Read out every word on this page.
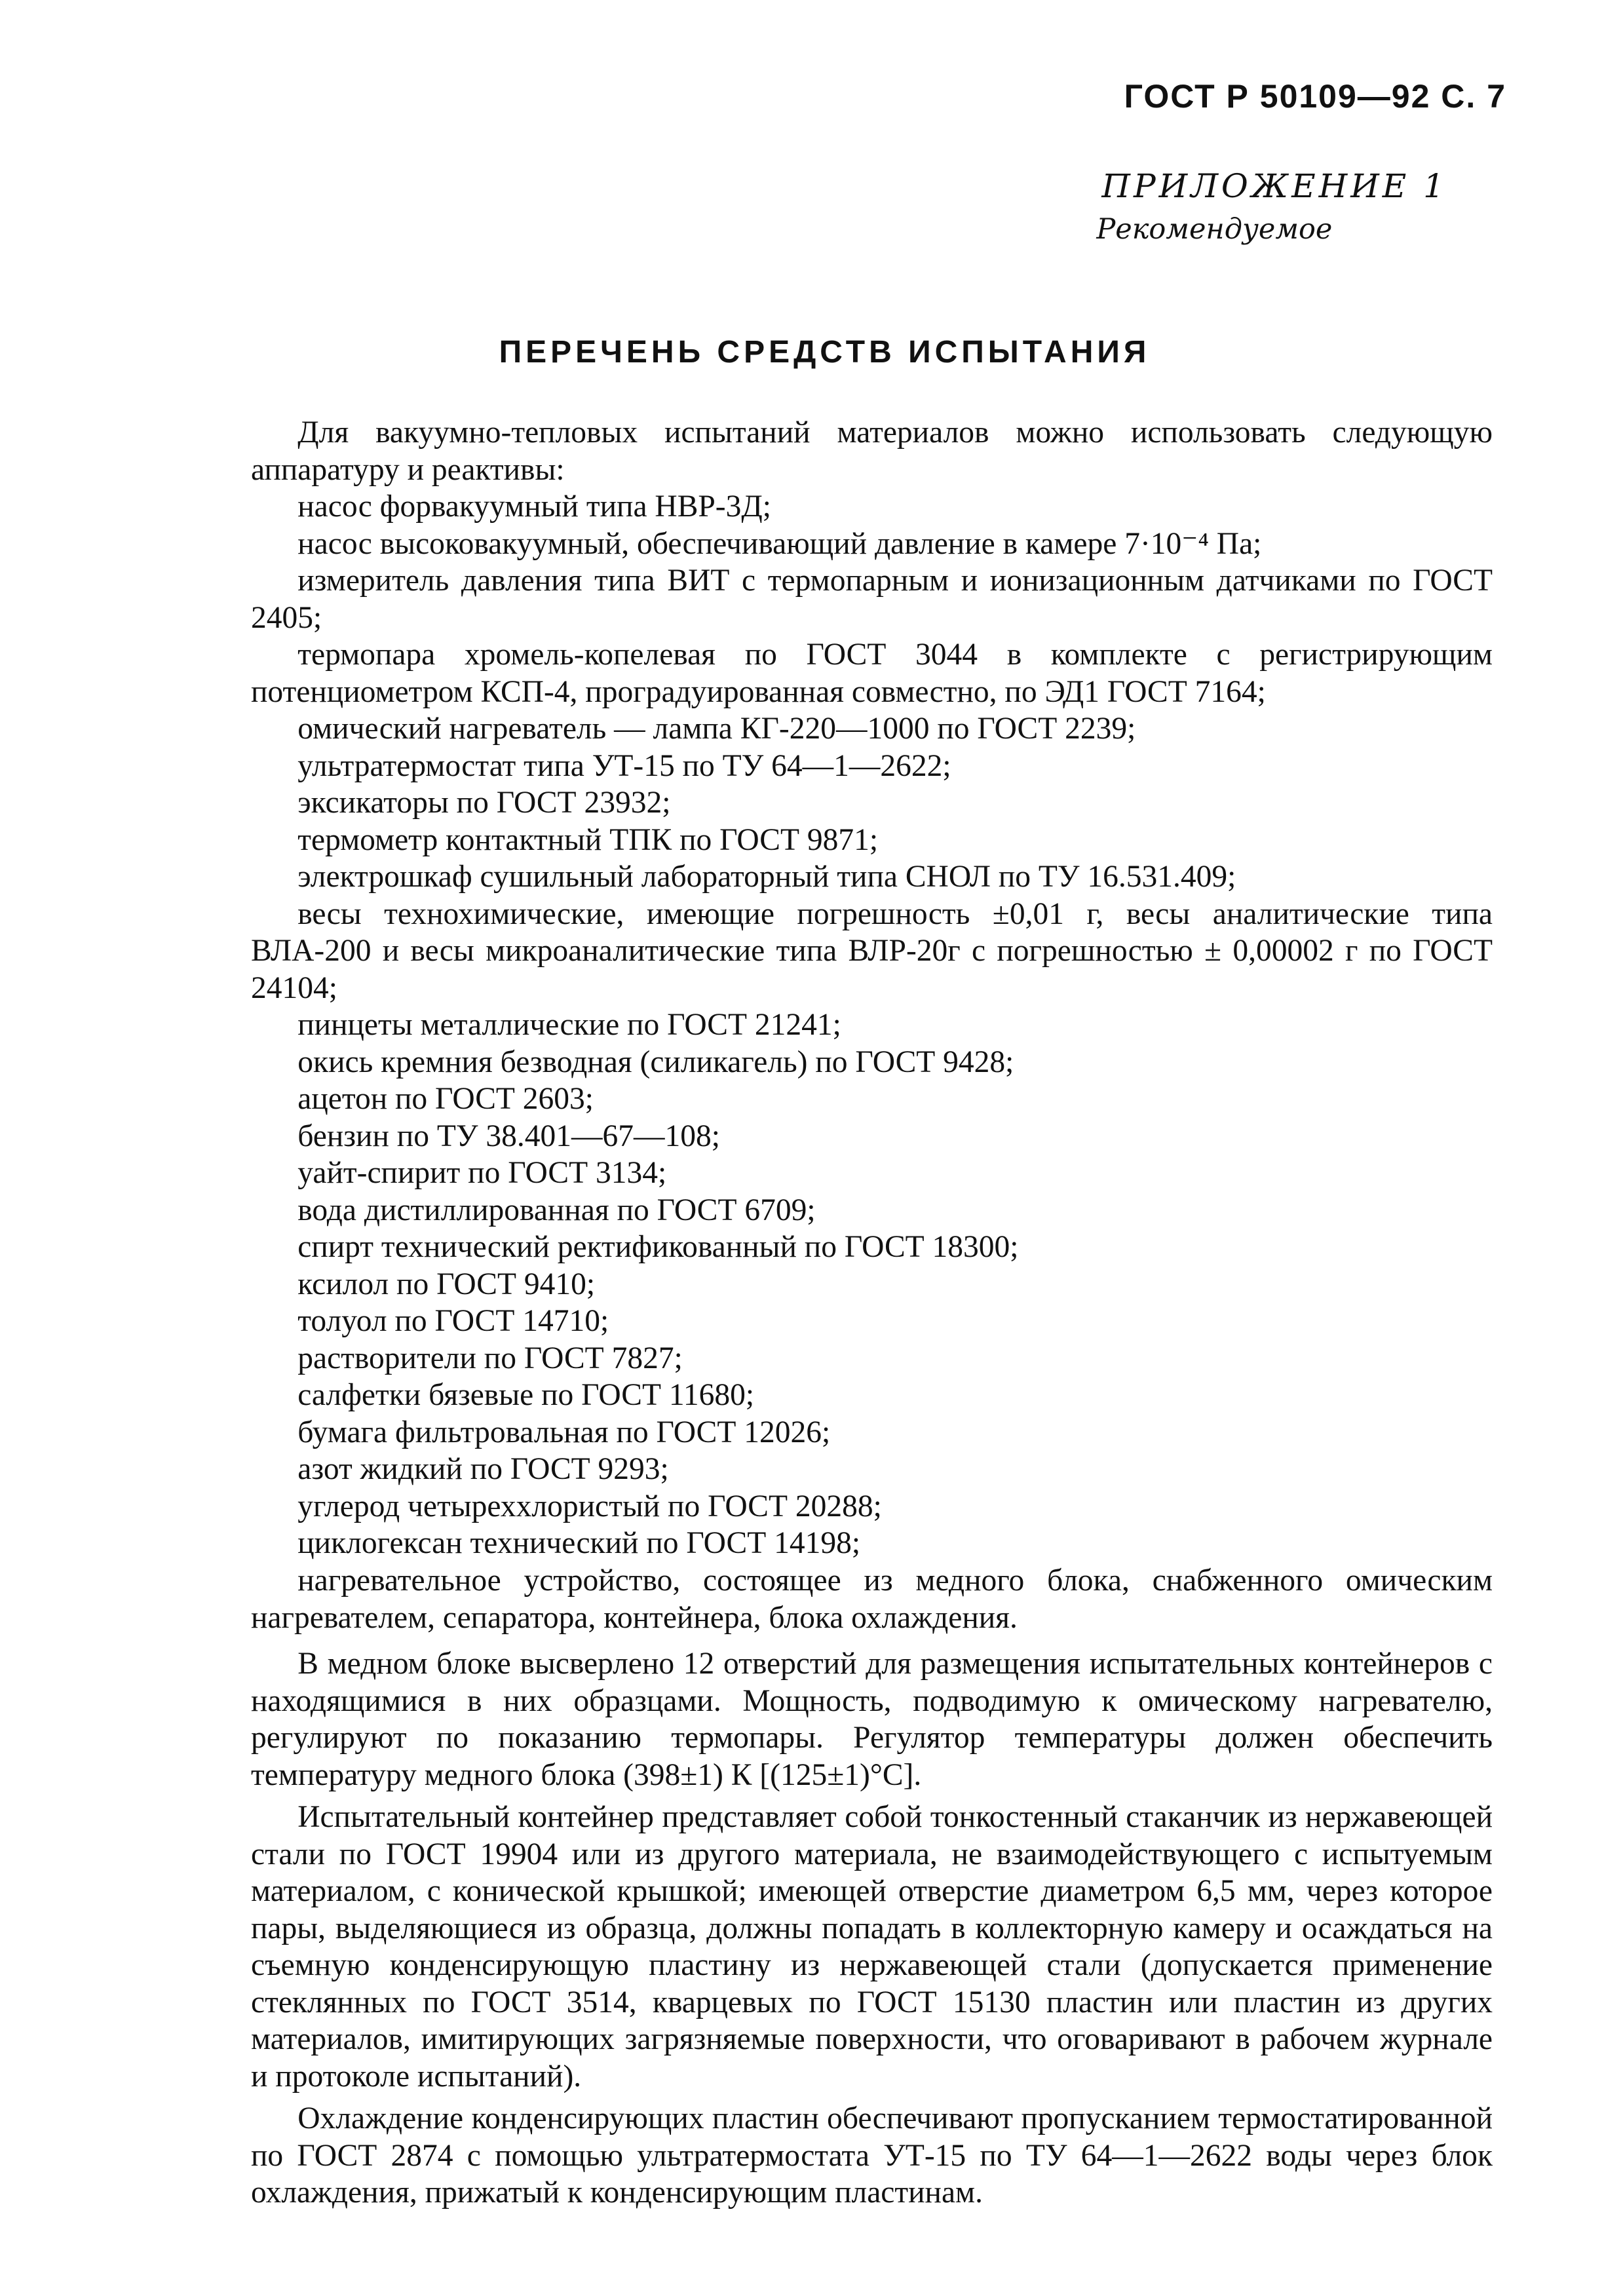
ГОСТ Р 50109—92 С. 7
ПРИЛОЖЕНИЕ 1
Рекомендуемое
ПЕРЕЧЕНЬ СРЕДСТВ ИСПЫТАНИЯ

Для вакуумно-тепловых испытаний материалов можно использовать следующую аппаратуру и реактивы:

насос форвакуумный типа НВР-3Д;

насос высоковакуумный, обеспечивающий давление в камере 7·10⁻⁴ Па;

измеритель давления типа ВИТ с термопарным и ионизационным датчиками по ГОСТ 2405;

термопара хромель-копелевая по ГОСТ 3044 в комплекте с регистрирующим потенциометром КСП-4, проградуированная совместно, по ЭД1 ГОСТ 7164;

омический нагреватель — лампа КГ-220—1000 по ГОСТ 2239;

ультратермостат типа УТ-15 по ТУ 64—1—2622;

эксикаторы по ГОСТ 23932;

термометр контактный ТПК по ГОСТ 9871;

электрошкаф сушильный лабораторный типа СНОЛ по ТУ 16.531.409;

весы технохимические, имеющие погрешность ±0,01 г, весы аналитические типа ВЛА-200 и весы микроаналитические типа ВЛР-20г с погрешностью ± 0,00002 г по ГОСТ 24104;

пинцеты металлические по ГОСТ 21241;

окись кремния безводная (силикагель) по ГОСТ 9428;

ацетон по ГОСТ 2603;

бензин по ТУ 38.401—67—108;

уайт-спирит по ГОСТ 3134;

вода дистиллированная по ГОСТ 6709;

спирт технический ректификованный по ГОСТ 18300;

ксилол по ГОСТ 9410;

толуол по ГОСТ 14710;

растворители по ГОСТ 7827;

салфетки бязевые по ГОСТ 11680;

бумага фильтровальная по ГОСТ 12026;

азот жидкий по ГОСТ 9293;

углерод четыреххлористый по ГОСТ 20288;

циклогексан технический по ГОСТ 14198;

нагревательное устройство, состоящее из медного блока, снабженного омическим нагревателем, сепаратора, контейнера, блока охлаждения.

В медном блоке высверлено 12 отверстий для размещения испытательных контейнеров с находящимися в них образцами. Мощность, подводимую к омическому нагревателю, регулируют по показанию термопары. Регулятор температуры должен обеспечить температуру медного блока (398±1) К [(125±1)°C].

Испытательный контейнер представляет собой тонкостенный стаканчик из нержавеющей стали по ГОСТ 19904 или из другого материала, не взаимодействующего с испытуемым материалом, с конической крышкой; имеющей отверстие диаметром 6,5 мм, через которое пары, выделяющиеся из образца, должны попадать в коллекторную камеру и осаждаться на съемную конденсирующую пластину из нержавеющей стали (допускается применение стеклянных по ГОСТ 3514, кварцевых по ГОСТ 15130 пластин или пластин из других материалов, имитирующих загрязняемые поверхности, что оговаривают в рабочем журнале и протоколе испытаний).

Охлаждение конденсирующих пластин обеспечивают пропусканием термостатированной по ГОСТ 2874 с помощью ультратермостата УТ-15 по ТУ 64—1—2622 воды через блок охлаждения, прижатый к конденсирующим пластинам.
